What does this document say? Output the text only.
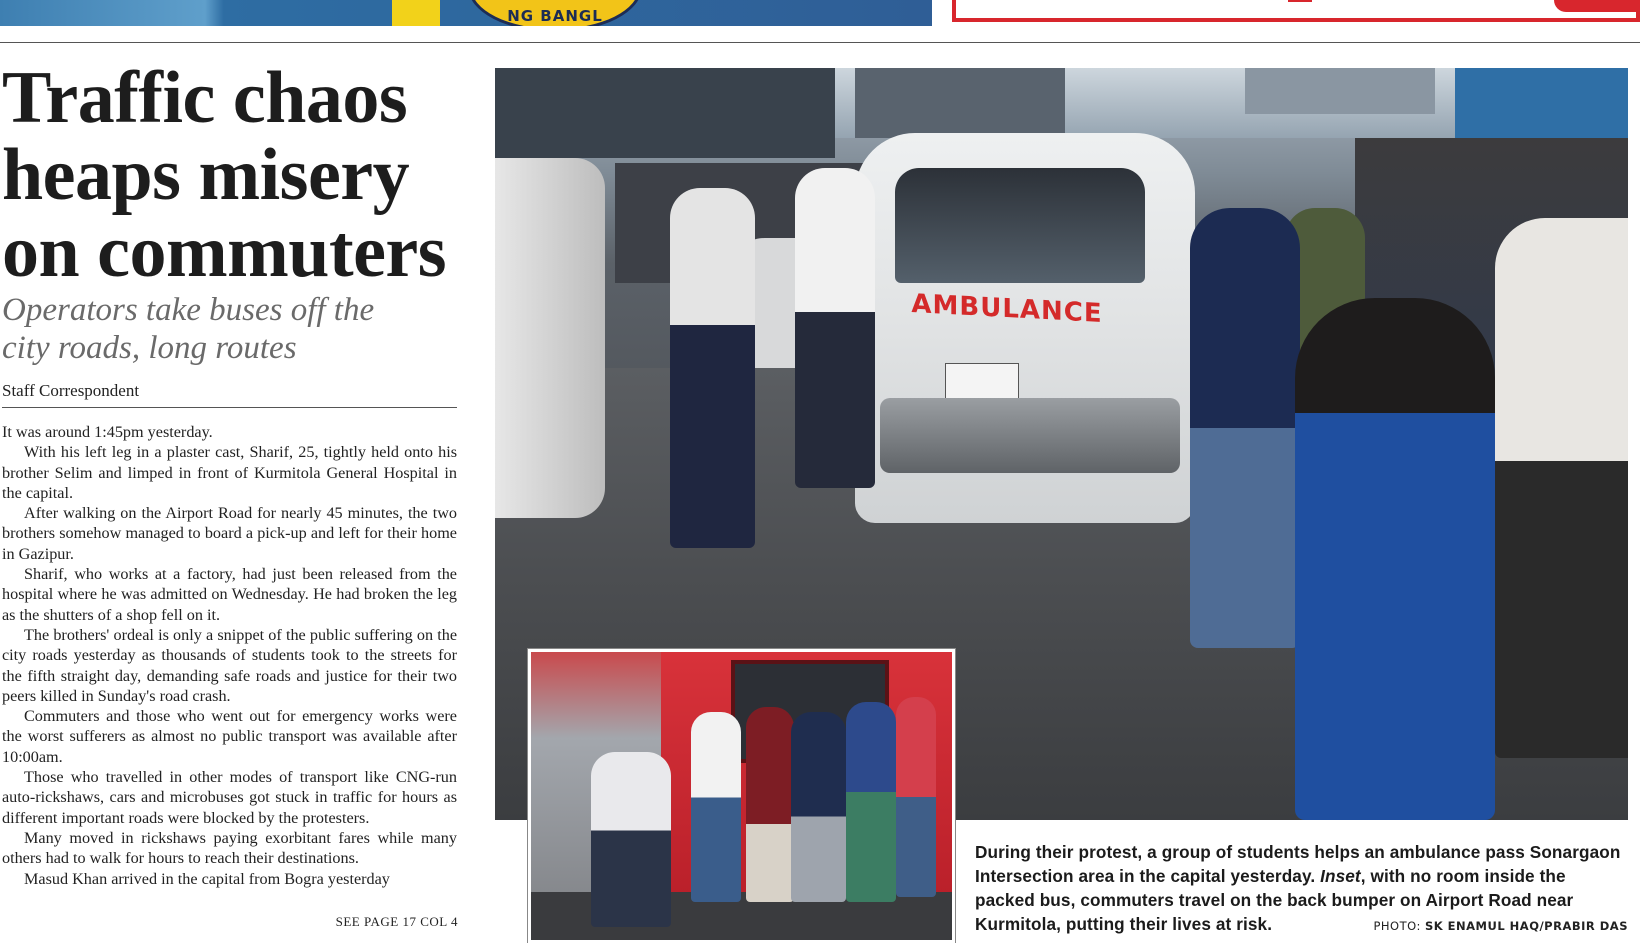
NG BANGL
Traffic chaos
heaps misery
on commuters
Operators take buses off the
city roads, long routes
Staff Correspondent

It was around 1:45pm yesterday.

With his left leg in a plaster cast, Sharif, 25, tightly held onto his brother Selim and limped in front of Kurmitola General Hospital in the capital.

After walking on the Airport Road for nearly 45 minutes, the two brothers somehow managed to board a pick-up and left for their home in Gazipur.

Sharif, who works at a factory, had just been released from the hospital where he was admitted on Wednesday. He had broken the leg as the shutters of a shop fell on it.

The brothers' ordeal is only a snippet of the public suffering on the city roads yesterday as thousands of students took to the streets for the fifth straight day, demanding safe roads and justice for their two peers killed in Sunday's road crash.

Commuters and those who went out for emergency works were the worst sufferers as almost no public transport was available after 10:00am.

Those who travelled in other modes of transport like CNG-run auto-rickshaws, cars and microbuses got stuck in traffic for hours as different important roads were blocked by the protesters.

Many moved in rickshaws paying exorbitant fares while many others had to walk for hours to reach their destinations.

Masud Khan arrived in the capital from Bogra yesterday

SEE PAGE 17 COL 4
AMBULANCE
During their protest, a group of students helps an ambulance pass Sonargaon Intersection area in the capital yesterday. Inset, with no room inside the packed bus, commuters travel on the back bumper on Airport Road near Kurmitola, putting their lives at risk.	PHOTO: SK ENAMUL HAQ/PRABIR DAS
